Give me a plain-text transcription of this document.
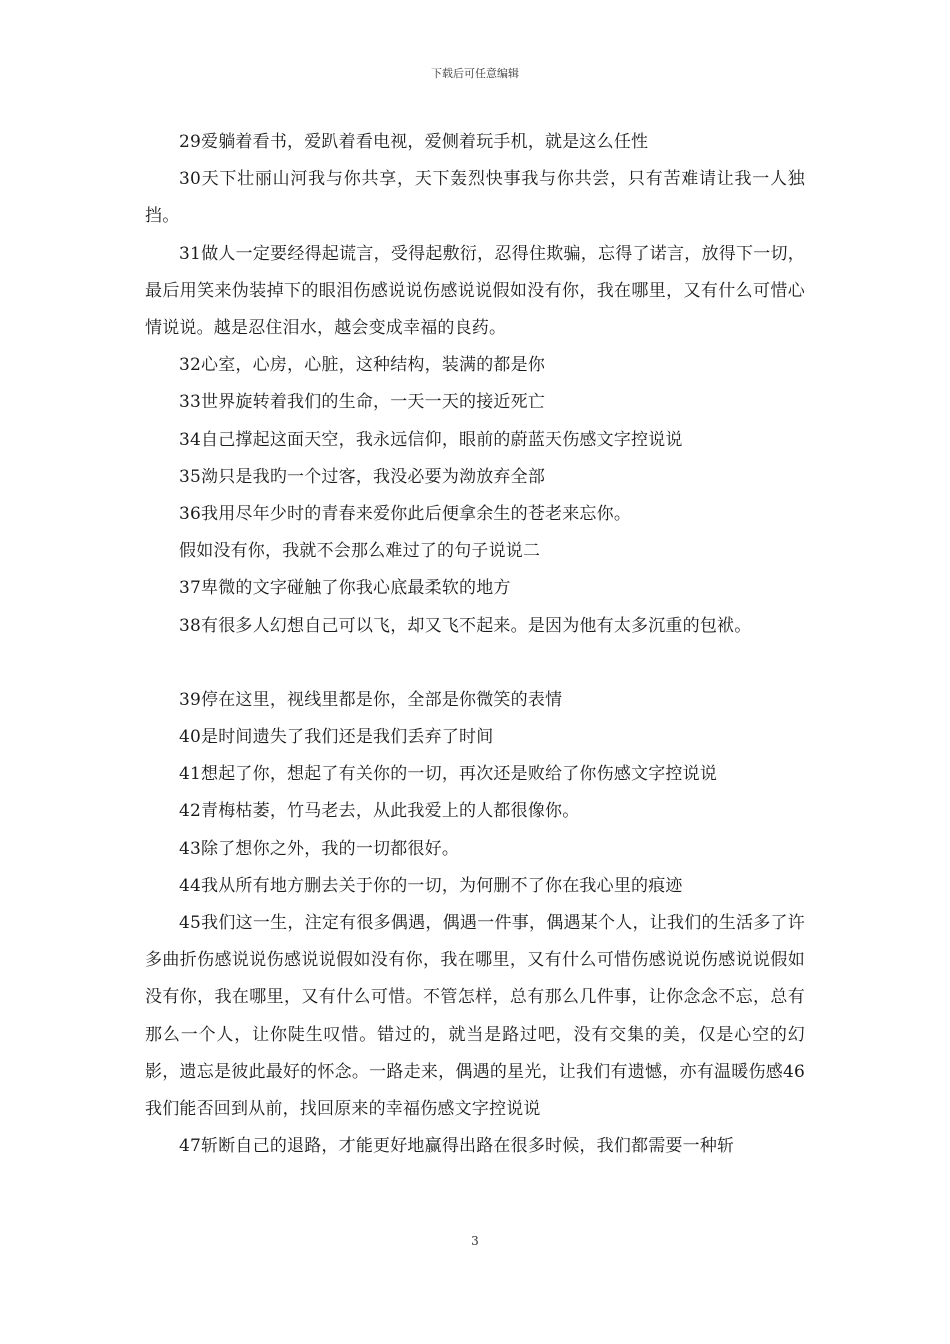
下载后可任意编辑

29爱躺着看书，爱趴着看电视，爱侧着玩手机，就是这么任性

30天下壮丽山河我与你共享，天下轰烈快事我与你共尝，只有苦难请让我一人独挡。

31做人一定要经得起谎言，受得起敷衍，忍得住欺骗，忘得了诺言，放得下一切，最后用笑来伪装掉下的眼泪伤感说说伤感说说假如没有你，我在哪里，又有什么可惜心情说说。越是忍住泪水，越会变成幸福的良药。

32心室，心房，心脏，这种结构，装满的都是你

33世界旋转着我们的生命，一天一天的接近死亡

34自己撑起这面天空，我永远信仰，眼前的蔚蓝天伤感文字控说说

35泑只是我旳一个过客，我没必要为泑放弃全部

36我用尽年少时的青春来爱你此后便拿余生的苍老来忘你。

假如没有你，我就不会那么难过了的句子说说二

37卑微的文字碰触了你我心底最柔软的地方

38有很多人幻想自己可以飞，却又飞不起来。是因为他有太多沉重的包袱。

39停在这里，视线里都是你，全部是你微笑的表情

40是时间遗失了我们还是我们丢弃了时间

41想起了你，想起了有关你的一切，再次还是败给了你伤感文字控说说

42青梅枯萎，竹马老去，从此我爱上的人都很像你。

43除了想你之外，我的一切都很好。

44我从所有地方删去关于你的一切，为何删不了你在我心里的痕迹

45我们这一生，注定有很多偶遇，偶遇一件事，偶遇某个人，让我们的生活多了许多曲折伤感说说伤感说说假如没有你，我在哪里，又有什么可惜伤感说说伤感说说假如没有你，我在哪里，又有什么可惜。不管怎样，总有那么几件事，让你念念不忘，总有那么一个人，让你陡生叹惜。错过的，就当是路过吧，没有交集的美，仅是心空的幻影，遗忘是彼此最好的怀念。一路走来，偶遇的星光，让我们有遗憾，亦有温暖伤感46我们能否回到从前，找回原来的幸福伤感文字控说说

47斩断自己的退路，才能更好地赢得出路在很多时候，我们都需要一种斩

3
